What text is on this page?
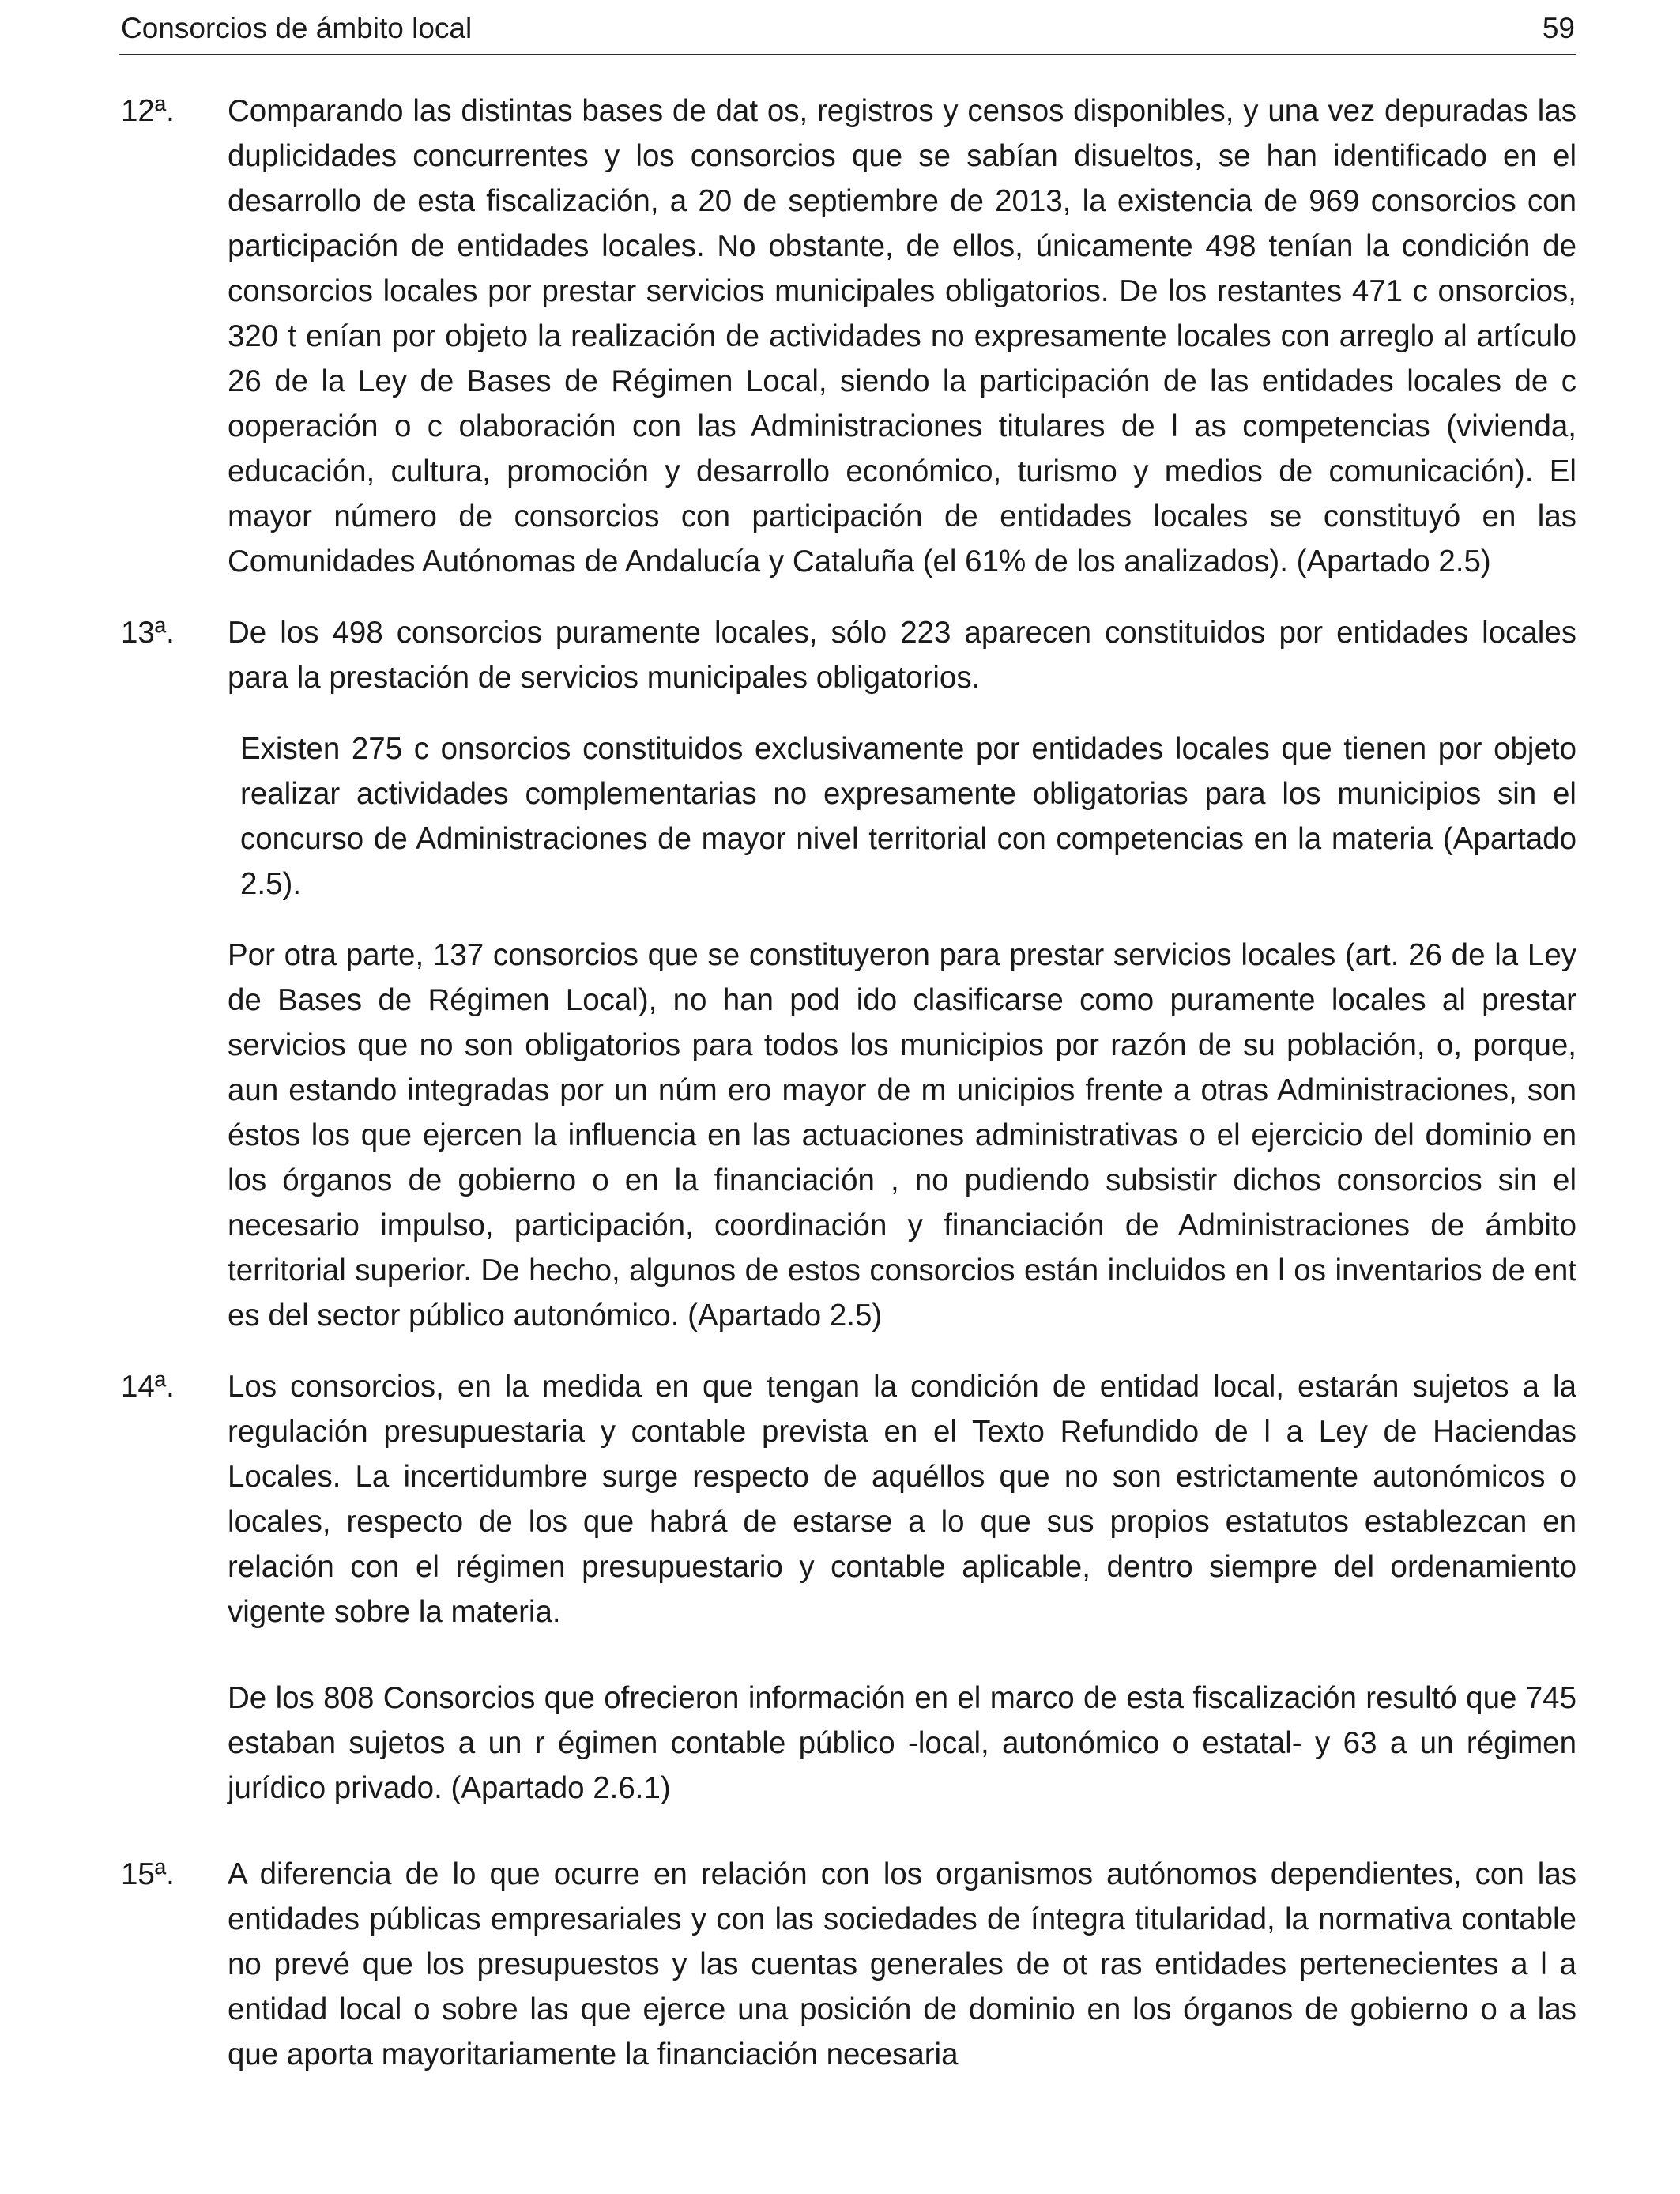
Consorcios de ámbito local	59
12ª.	Comparando las distintas bases de dat os, registros y censos disponibles, y una vez depuradas las duplicidades concurrentes y los consorcios que se sabían disueltos, se han identificado en el desarrollo de esta fiscalización, a 20 de septiembre de 2013, la existencia de 969 consorcios con participación de entidades locales. No obstante, de ellos, únicamente 498 tenían la condición de consorcios locales por prestar servicios municipales obligatorios. De los restantes 471 c onsorcios, 320 t enían por objeto la realización de actividades no expresamente locales con arreglo al artículo 26 de la Ley de Bases de Régimen Local, siendo la participación de las entidades locales de c ooperación o c olaboración con las Administraciones titulares de l as competencias (vivienda, educación, cultura, promoción y desarrollo económico, turismo y medios de comunicación). El mayor número de consorcios con participación de entidades locales se constituyó en las Comunidades Autónomas de Andalucía y Cataluña (el 61% de los analizados). (Apartado 2.5)

13ª.	De los 498 consorcios puramente locales, sólo 223 aparecen constituidos por entidades locales para la prestación de servicios municipales obligatorios.

Existen 275 c onsorcios constituidos exclusivamente por entidades locales que tienen por objeto realizar actividades complementarias no expresamente obligatorias para los municipios sin el concurso de Administraciones de mayor nivel territorial con competencias en la materia (Apartado 2.5).

Por otra parte, 137 consorcios que se constituyeron para prestar servicios locales (art. 26 de la Ley de Bases de Régimen Local), no han pod ido clasificarse como puramente locales al prestar servicios que no son obligatorios para todos los municipios por razón de su población, o, porque, aun estando integradas por un núm ero mayor de m unicipios frente a otras Administraciones, son éstos los que ejercen la influencia en las actuaciones administrativas o el ejercicio del dominio en los órganos de gobierno o en la financiación , no pudiendo subsistir dichos consorcios sin el necesario impulso, participación, coordinación y financiación de Administraciones de ámbito territorial superior. De hecho, algunos de estos consorcios están incluidos en l os inventarios de ent es del sector público autonómico. (Apartado 2.5)

14ª.	Los consorcios, en la medida en que tengan la condición de entidad local, estarán sujetos a la regulación presupuestaria y contable prevista en el Texto Refundido de l a Ley de Haciendas Locales. La incertidumbre surge respecto de aquéllos que no son estrictamente autonómicos o locales, respecto de los que habrá de estarse a lo que sus propios estatutos establezcan en relación con el régimen presupuestario y contable aplicable, dentro siempre del ordenamiento vigente sobre la materia.

De los 808 Consorcios que ofrecieron información en el marco de esta fiscalización resultó que 745 estaban sujetos a un r égimen contable público -local, autonómico o estatal- y 63 a un régimen jurídico privado. (Apartado 2.6.1)

15ª.	A diferencia de lo que ocurre en relación con los organismos autónomos dependientes, con las entidades públicas empresariales y con las sociedades de íntegra titularidad, la normativa contable no prevé que los presupuestos y las cuentas generales de ot ras entidades pertenecientes a l a entidad local o sobre las que ejerce una posición de dominio en los órganos de gobierno o a las que aporta mayoritariamente la financiación necesaria
